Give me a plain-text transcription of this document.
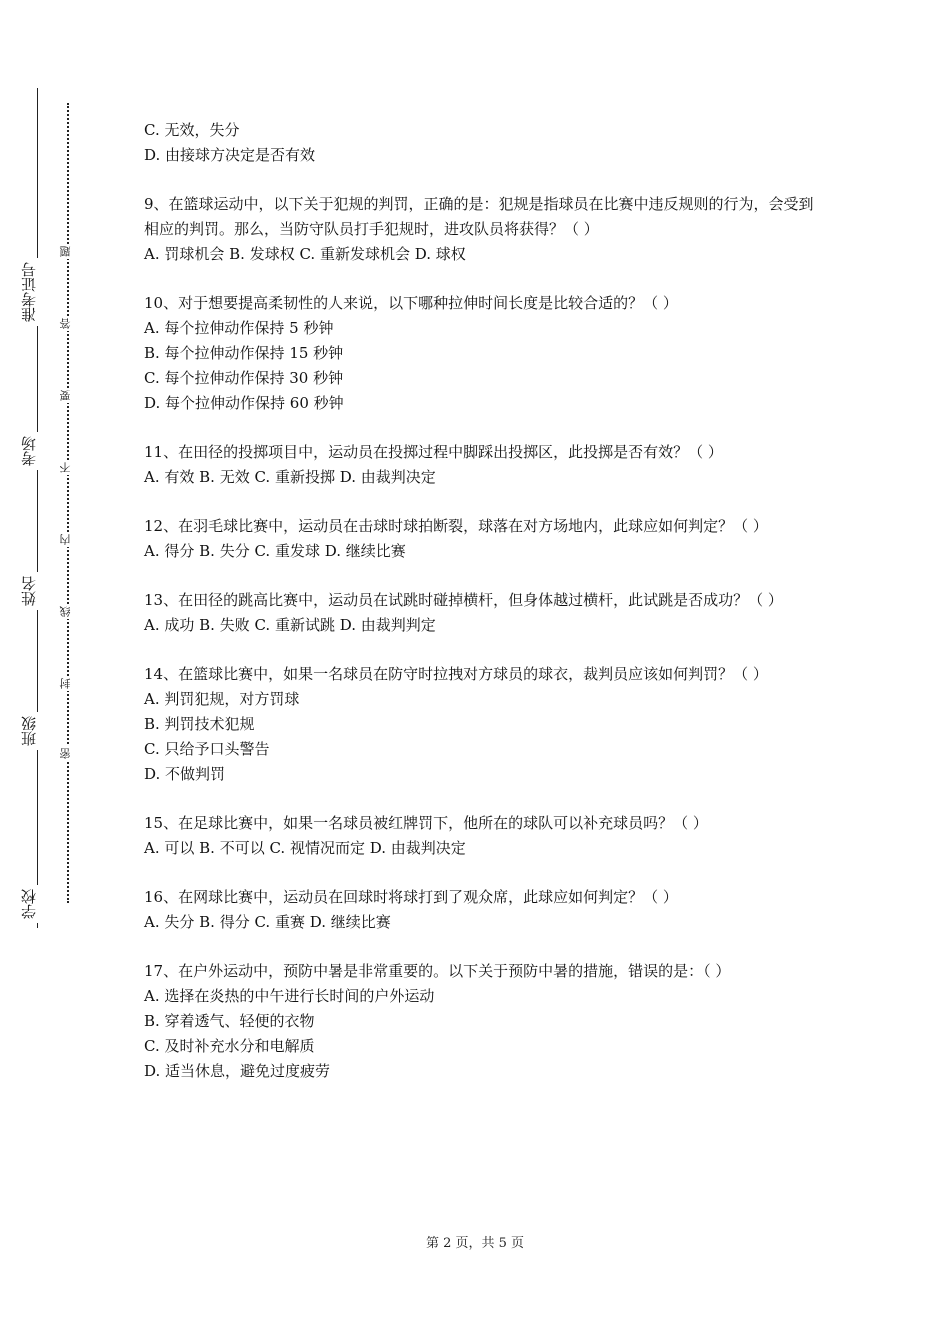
准考证号
考场
姓名
班级
学校
题
答
要
不
内
线
封
密

C. 无效，失分

D. 由接球方决定是否有效

9、在篮球运动中，以下关于犯规的判罚，正确的是：犯规是指球员在比赛中违反规则的行为，会受到相应的判罚。那么，当防守队员打手犯规时，进攻队员将获得？（ ）

A. 罚球机会 B. 发球权 C. 重新发球机会 D. 球权

10、对于想要提高柔韧性的人来说，以下哪种拉伸时间长度是比较合适的？（ ）

A. 每个拉伸动作保持 5 秒钟

B. 每个拉伸动作保持 15 秒钟

C. 每个拉伸动作保持 30 秒钟

D. 每个拉伸动作保持 60 秒钟

11、在田径的投掷项目中，运动员在投掷过程中脚踩出投掷区，此投掷是否有效？（ ）

A. 有效 B. 无效 C. 重新投掷 D. 由裁判决定

12、在羽毛球比赛中，运动员在击球时球拍断裂，球落在对方场地内，此球应如何判定？（ ）

A. 得分 B. 失分 C. 重发球 D. 继续比赛

13、在田径的跳高比赛中，运动员在试跳时碰掉横杆，但身体越过横杆，此试跳是否成功？（ ）

A. 成功 B. 失败 C. 重新试跳 D. 由裁判判定

14、在篮球比赛中，如果一名球员在防守时拉拽对方球员的球衣，裁判员应该如何判罚？（ ）

A. 判罚犯规，对方罚球

B. 判罚技术犯规

C. 只给予口头警告

D. 不做判罚

15、在足球比赛中，如果一名球员被红牌罚下，他所在的球队可以补充球员吗？（ ）

A. 可以 B. 不可以 C. 视情况而定 D. 由裁判决定

16、在网球比赛中，运动员在回球时将球打到了观众席，此球应如何判定？（ ）

A. 失分 B. 得分 C. 重赛 D. 继续比赛

17、在户外运动中，预防中暑是非常重要的。以下关于预防中暑的措施，错误的是：（ ）

A. 选择在炎热的中午进行长时间的户外运动

B. 穿着透气、轻便的衣物

C. 及时补充水分和电解质

D. 适当休息，避免过度疲劳

第 2 页，共 5 页
